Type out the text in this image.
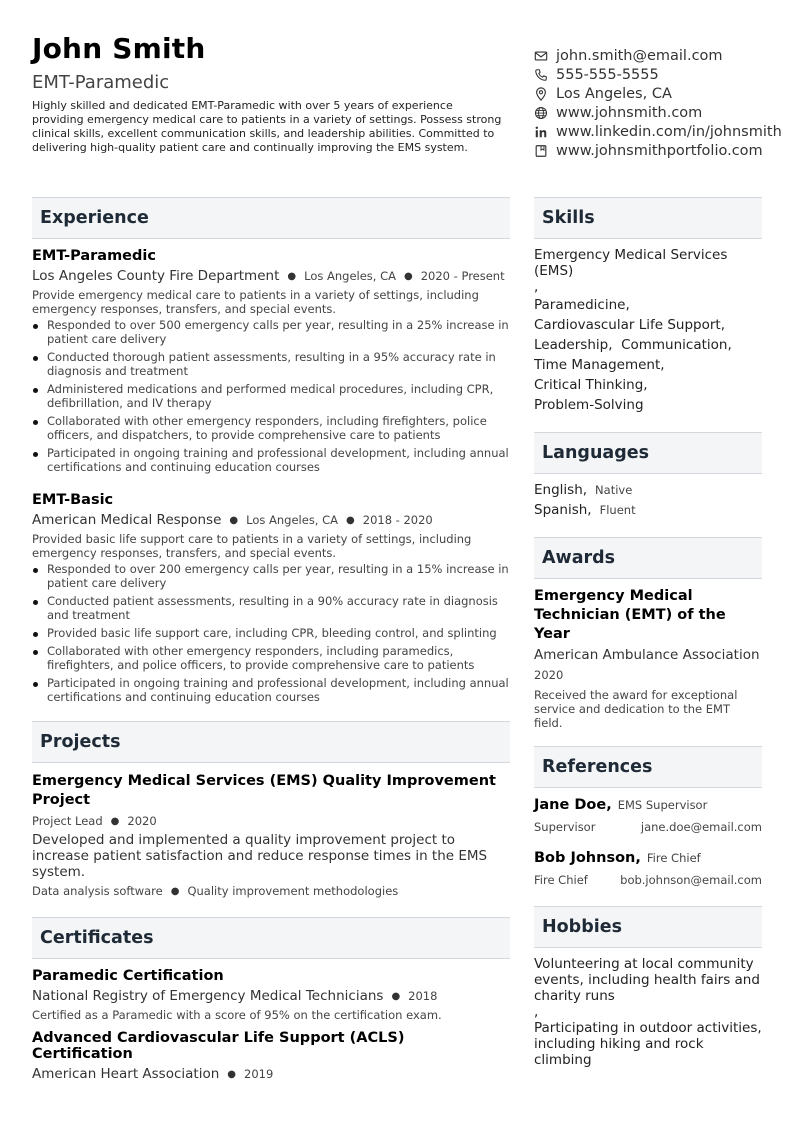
John Smith
EMT-Paramedic
Highly skilled and dedicated EMT-Paramedic with over 5 years of experience providing emergency medical care to patients in a variety of settings. Possess strong clinical skills, excellent communication skills, and leadership abilities. Committed to delivering high-quality patient care and continually improving the EMS system.
john.smith@email.com
555-555-5555
Los Angeles, CA
www.johnsmith.com
www.linkedin.com/in/johnsmith
www.johnsmithportfolio.com
Experience
EMT-Paramedic
Los Angeles County Fire Department ● Los Angeles, CA ● 2020 - Present
Provide emergency medical care to patients in a variety of settings, including emergency responses, transfers, and special events.
Responded to over 500 emergency calls per year, resulting in a 25% increase in patient care delivery
Conducted thorough patient assessments, resulting in a 95% accuracy rate in diagnosis and treatment
Administered medications and performed medical procedures, including CPR, defibrillation, and IV therapy
Collaborated with other emergency responders, including firefighters, police officers, and dispatchers, to provide comprehensive care to patients
Participated in ongoing training and professional development, including annual certifications and continuing education courses
EMT-Basic
American Medical Response ● Los Angeles, CA ● 2018 - 2020
Provided basic life support care to patients in a variety of settings, including emergency responses, transfers, and special events.
Responded to over 200 emergency calls per year, resulting in a 15% increase in patient care delivery
Conducted patient assessments, resulting in a 90% accuracy rate in diagnosis and treatment
Provided basic life support care, including CPR, bleeding control, and splinting
Collaborated with other emergency responders, including paramedics, firefighters, and police officers, to provide comprehensive care to patients
Participated in ongoing training and professional development, including annual certifications and continuing education courses
Projects
Emergency Medical Services (EMS) Quality Improvement Project
Project Lead ● 2020
Developed and implemented a quality improvement project to increase patient satisfaction and reduce response times in the EMS system.
Data analysis software ● Quality improvement methodologies
Certificates
Paramedic Certification
National Registry of Emergency Medical Technicians ● 2018
Certified as a Paramedic with a score of 95% on the certification exam.
Advanced Cardiovascular Life Support (ACLS) Certification
American Heart Association ● 2019
Skills
Emergency Medical Services (EMS)
,
Paramedicine,
Cardiovascular Life Support,
Leadership,  Communication,
Time Management,
Critical Thinking,
Problem-Solving
Languages
English, Native
Spanish, Fluent
Awards
Emergency Medical Technician (EMT) of the Year
American Ambulance Association
2020
Received the award for exceptional service and dedication to the EMT field.
References
Jane Doe, EMS Supervisor
Supervisor	jane.doe@email.com
Bob Johnson, Fire Chief
Fire Chief	bob.johnson@email.com
Hobbies
Volunteering at local community events, including health fairs and charity runs
,
Participating in outdoor activities, including hiking and rock climbing
